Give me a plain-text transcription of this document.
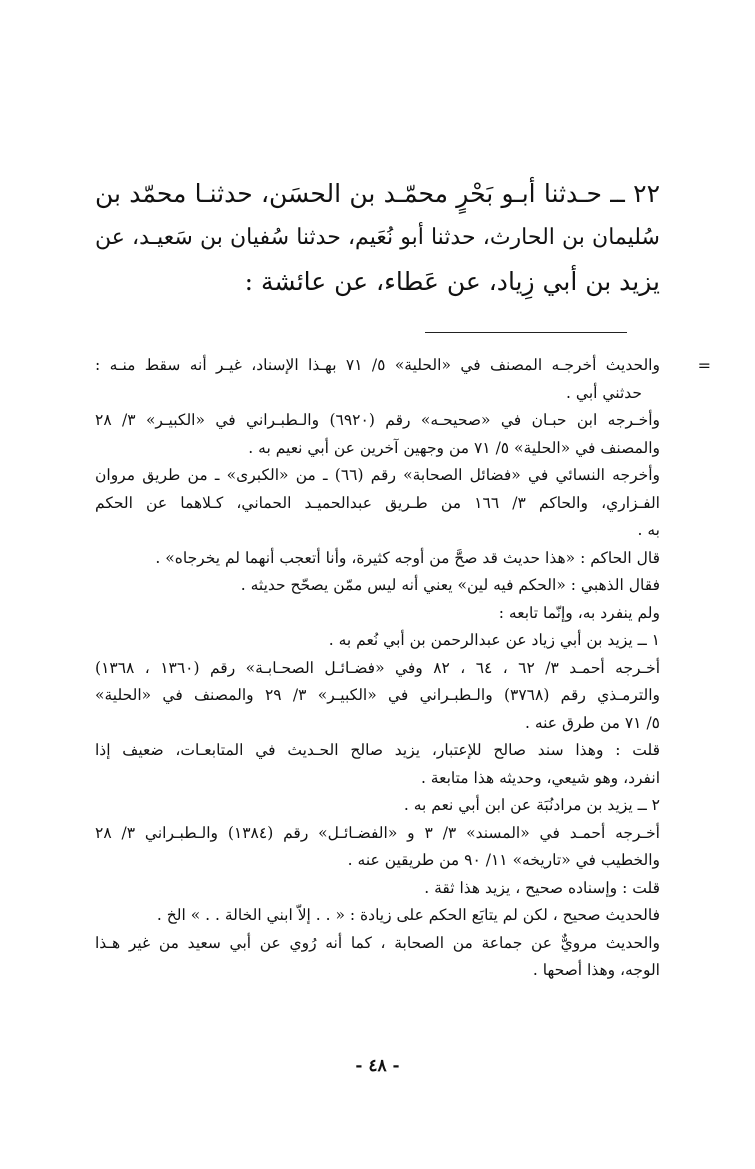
٢٢ ــ حـدثنا أبـو بَحْرٍ محمّـد بن الحسَن، حدثنـا محمّد بن
سُليمان بن الحارث، حدثنا أبو نُعَيم، حدثنا سُفيان بن سَعيـد، عن
يزيد بن أبي زِياد، عن عَطاء، عن عائشة :
=
والحديث أخرجـه المصنف في «الحلية» ٥/ ٧١ بهـذا الإسناد، غيـر أنه سقط منـه :
حدثني أبي .
وأخـرجه ابن حبـان في «صحيحـه» رقم (٦٩٢٠) والـطبـراني في «الكبيـر» ٣/ ٢٨
والمصنف في «الحلية» ٥/ ٧١ من وجهين آخرين عن أبي نعيم به .
وأخرجه النسائي في «فضائل الصحابة» رقم (٦٦) ـ من «الكبرى» ـ من طريق مروان
الفـزاري، والحاكم ٣/ ١٦٦ من طـريق عبدالحميـد الحماني، كـلاهما عن الحكم
به .
قال الحاكم : «هذا حديث قد صحَّ من أوجه كثيرة، وأنا أتعجب أنهما لم يخرجاه» .
فقال الذهبي : «الحكم فيه لين» يعني أنه ليس ممّن يصحّح حديثه .
ولم ينفرد به، وإنّما تابعه :
١ ــ يزيد بن أبي زياد عن عبدالرحمن بن أبي نُعم به .
أخـرجه أحمـد ٣/ ٦٢ ، ٦٤ ، ٨٢ وفي «فضـائـل الصحـابـة» رقم (١٣٦٠ ، ١٣٦٨)
والترمـذي رقم (٣٧٦٨) والـطبـراني في «الكبيـر» ٣/ ٢٩ والمصنف في «الحلية»
٥/ ٧١ من طرق عنه .
قلت : وهذا سند صالح للإعتبار، يزيد صالح الحـديث في المتابعـات، ضعيف إذا
انفرد، وهو شيعي، وحديثه هذا متابعة .
٢ ــ يزيد بن مرادنُبَة عن ابن أبي نعم به .
أخـرجه أحمـد في «المسند» ٣/ ٣ و «الفضـائـل» رقم (١٣٨٤) والـطبـراني ٣/ ٢٨
والخطيب في «تاريخه» ١١/ ٩٠ من طريقين عنه .
قلت : وإسناده صحيح ، يزيد هذا ثقة .
فالحديث صحيح ، لكن لم يتابَع الحكم على زيادة : « . . إلاّ ابني الخالة . . » الخ .
والحديث مرويٌّ عن جماعة من الصحابة ، كما أنه رُوي عن أبي سعيد من غير هـذا
الوجه، وهذا أصحها .
- ٤٨ -
